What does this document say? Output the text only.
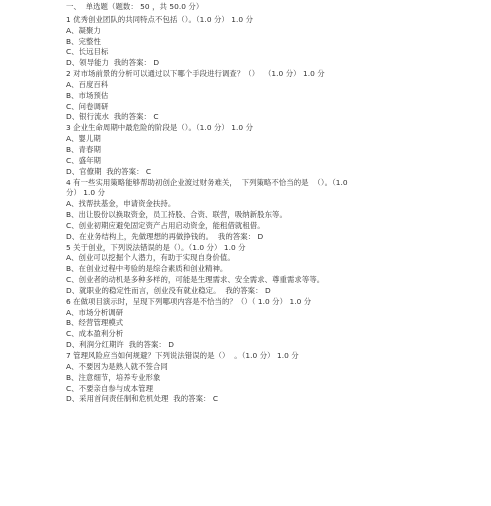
一、  单选题（题数： 50 ，共 50.0 分）
1 优秀创业团队的共同特点不包括（）。（1.0 分） 1.0 分
A、凝聚力
B、完整性
C、长远目标
D、领导能力  我的答案： D
2 对市场前景的分析可以通过以下哪个手段进行调查？（）  （1.0 分） 1.0 分
A、百度百科
B、市场预估
C、问卷调研
D、银行流水  我的答案： C
3 企业生命周期中最危险的阶段是（）。（1.0 分） 1.0 分
A、婴儿期
B、青春期
C、盛年期
D、官僚期  我的答案： C
4 有一些实用策略能够帮助初创企业渡过财务难关，  下列策略不恰当的是  （）。（1.0
分） 1.0 分
A、找帮扶基金，申请资金扶持。
B、出让股份以换取资金，员工持股、合资、联营，吸纳新股东等。
C、创业初期应避免固定资产占用启动资金，能租借就租借。
D、在业务结构上，先做理想的再做挣钱的。  我的答案： D
5 关于创业，下列说法错误的是（）。（1.0 分） 1.0 分
A、创业可以挖掘个人潜力，有助于实现自身价值。
B、在创业过程中考验的是综合素质和创业精神。
C、创业者的动机是多种多样的，可能是生理需求、安全需求、尊重需求等等。
D、就职业的稳定性而言，创业没有就业稳定。  我的答案： D
6 在做项目演示时，呈现下列哪项内容是不恰当的？（）（ 1.0 分） 1.0 分
A、市场分析调研
B、经营管理模式
C、成本盈利分析
D、利润分红期许  我的答案： D
7 管理风险应当如何规避？下列说法错误的是（）  。（1.0 分） 1.0 分
A、不要因为是熟人就不签合同
B、注意细节，培养专业形象
C、不要亲自参与成本管理
D、采用首问责任制和危机处理  我的答案： C
